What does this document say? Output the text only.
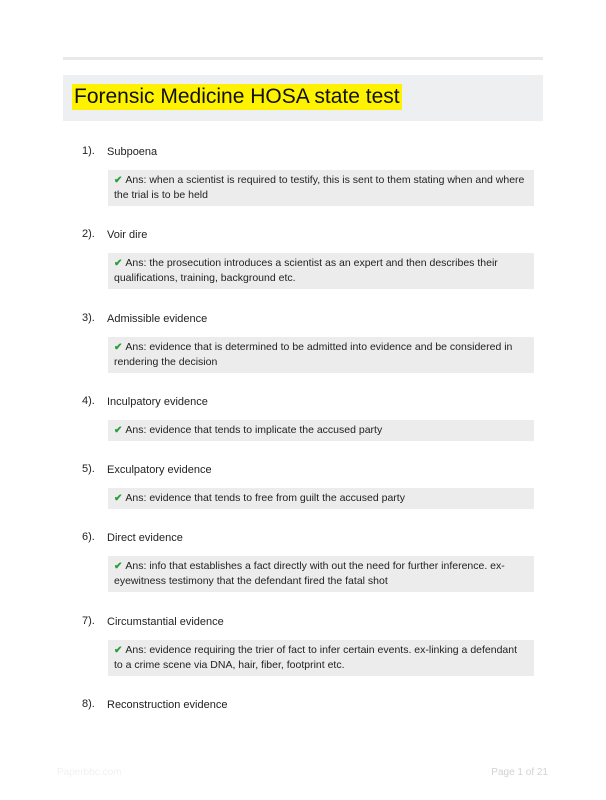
Forensic Medicine HOSA state test
1). Subpoena
✔ Ans: when a scientist is required to testify, this is sent to them stating when and where the trial is to be held
2). Voir dire
✔ Ans: the prosecution introduces a scientist as an expert and then describes their qualifications, training, background etc.
3). Admissible evidence
✔ Ans: evidence that is determined to be admitted into evidence and be considered in rendering the decision
4). Inculpatory evidence
✔ Ans: evidence that tends to implicate the accused party
5). Exculpatory evidence
✔ Ans: evidence that tends to free from guilt the accused party
6). Direct evidence
✔ Ans: info that establishes a fact directly with out the need for further inference. ex-eyewitness testimony that the defendant fired the fatal shot
7). Circumstantial evidence
✔ Ans: evidence requiring the trier of fact to infer certain events. ex-linking a defendant to a crime scene via DNA, hair, fiber, footprint etc.
8). Reconstruction evidence
Paperbbc.com	Page 1 of 21
